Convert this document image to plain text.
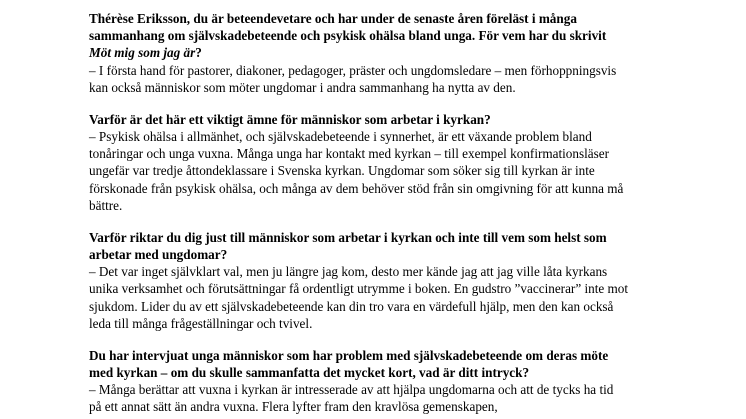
Thérèse Eriksson, du är beteendevetare och har under de senaste åren föreläst i många sammanhang om självskadebeteende och psykisk ohälsa bland unga. För vem har du skrivit Möt mig som jag är?

– I första hand för pastorer, diakoner, pedagoger, präster och ungdomsledare – men förhoppningsvis kan också människor som möter ungdomar i andra sammanhang ha nytta av den.

Varför är det här ett viktigt ämne för människor som arbetar i kyrkan?

– Psykisk ohälsa i allmänhet, och självskadebeteende i synnerhet, är ett växande problem bland tonåringar och unga vuxna. Många unga har kontakt med kyrkan – till exempel konfirmationsläser ungefär var tredje åttondeklassare i Svenska kyrkan. Ungdomar som söker sig till kyrkan är inte förskonade från psykisk ohälsa, och många av dem behöver stöd från sin omgivning för att kunna må bättre.

Varför riktar du dig just till människor som arbetar i kyrkan och inte till vem som helst som arbetar med ungdomar?

– Det var inget självklart val, men ju längre jag kom, desto mer kände jag att jag ville låta kyrkans unika verksamhet och förutsättningar få ordentligt utrymme i boken. En gudstro ”vaccinerar” inte mot sjukdom. Lider du av ett självskadebeteende kan din tro vara en värdefull hjälp, men den kan också leda till många frågeställningar och tvivel.

Du har intervjuat unga människor som har problem med självskadebeteende om deras möte med kyrkan – om du skulle sammanfatta det mycket kort, vad är ditt intryck?

– Många berättar att vuxna i kyrkan är intresserade av att hjälpa ungdomarna och att de tycks ha tid på ett annat sätt än andra vuxna. Flera lyfter fram den kravlösa gemenskapen,
